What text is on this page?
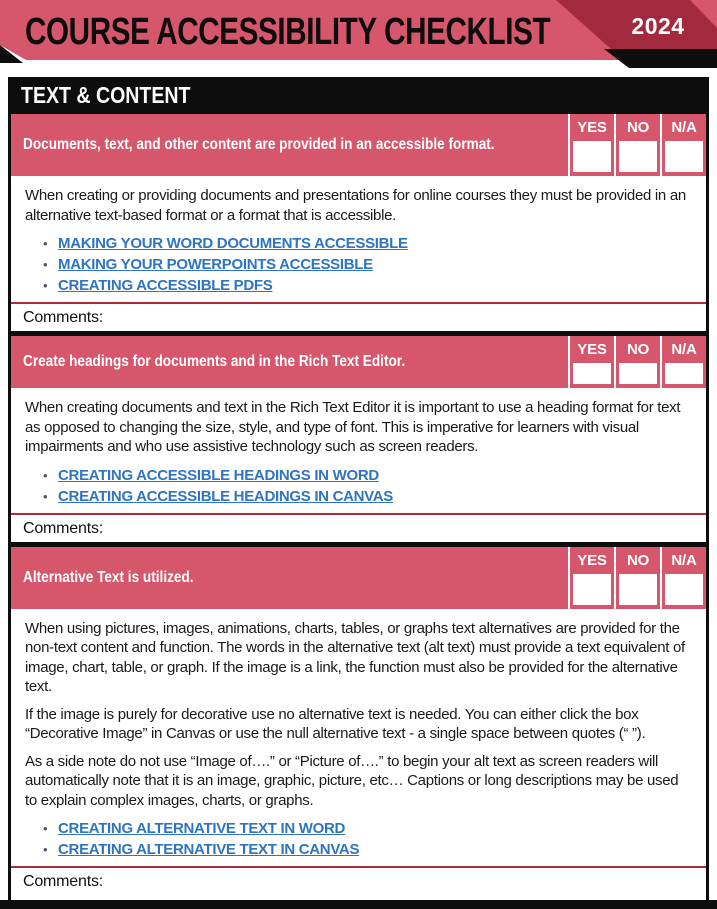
COURSE ACCESSIBILITY CHECKLIST	2024
TEXT & CONTENT
Documents, text, and other content are provided in an accessible format.
YES	NO	N/A

When creating or providing documents and presentations for online courses they must be provided in an alternative text-based format or a format that is accessible.

• MAKING YOUR WORD DOCUMENTS ACCESSIBLE
• MAKING YOUR POWERPOINTS ACCESSIBLE
• CREATING ACCESSIBLE PDFS
Comments:
Create headings for documents and in the Rich Text Editor.
YES	NO	N/A

When creating documents and text in the Rich Text Editor it is important to use a heading format for text as opposed to changing the size, style, and type of font. This is imperative for learners with visual impairments and who use assistive technology such as screen readers.

• CREATING ACCESSIBLE HEADINGS IN WORD
• CREATING ACCESSIBLE HEADINGS IN CANVAS
Comments:
Alternative Text is utilized.
YES	NO	N/A

When using pictures, images, animations, charts, tables, or graphs text alternatives are provided for the non-text content and function. The words in the alternative text (alt text) must provide a text equivalent of image, chart, table, or graph. If the image is a link, the function must also be provided for the alternative text.

If the image is purely for decorative use no alternative text is needed. You can either click the box “Decorative Image” in Canvas or use the null alternative text - a single space between quotes (“ ”).

As a side note do not use “Image of….” or “Picture of….” to begin your alt text as screen readers will automatically note that it is an image, graphic, picture, etc… Captions or long descriptions may be used to explain complex images, charts, or graphs.

• CREATING ALTERNATIVE TEXT IN WORD
• CREATING ALTERNATIVE TEXT IN CANVAS
Comments:
